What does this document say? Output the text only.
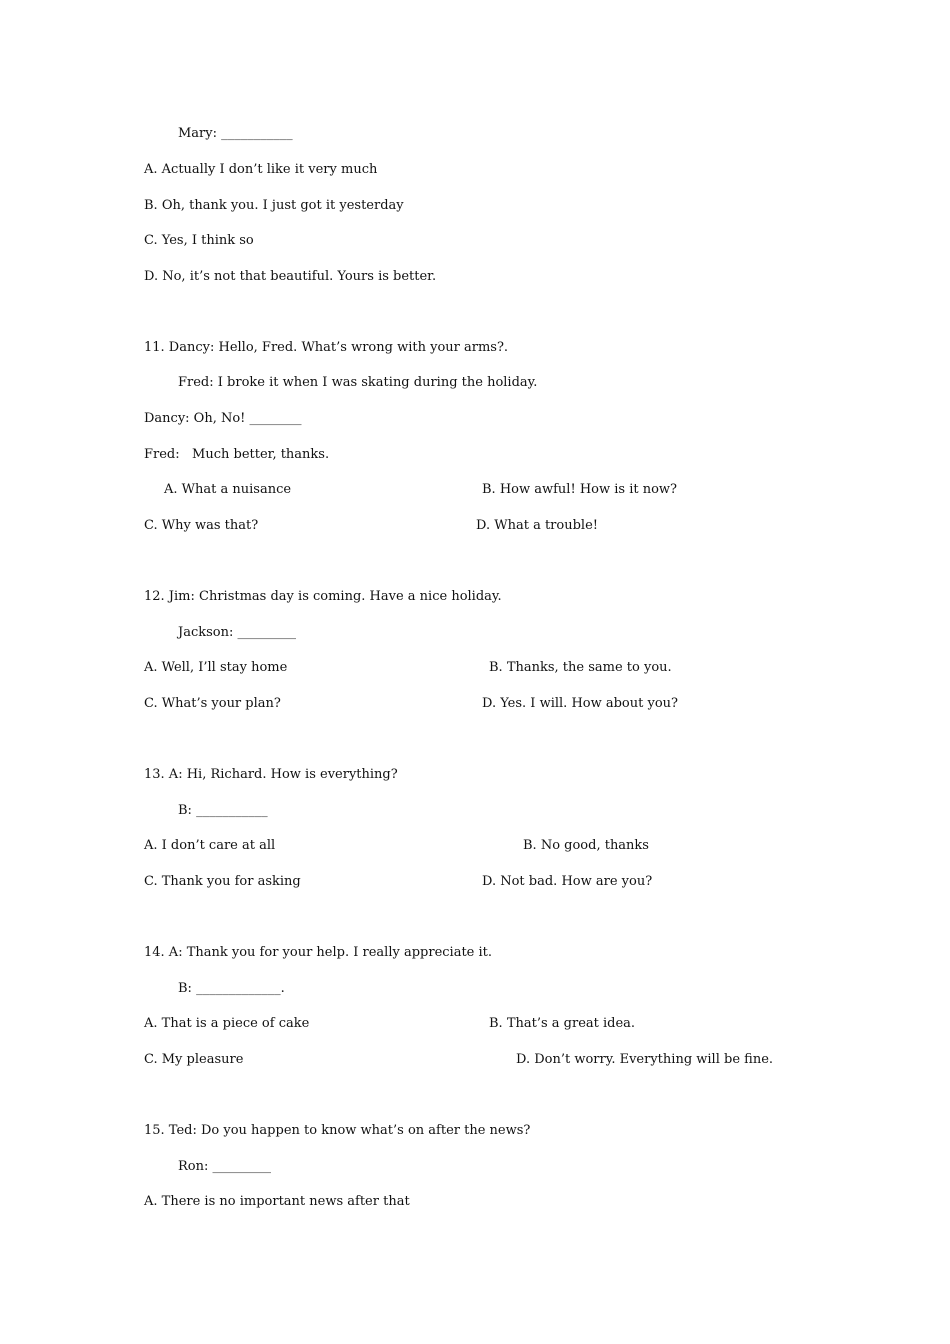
Mary: ___________
A. Actually I don’t like it very much
B. Oh, thank you. I just got it yesterday
C. Yes, I think so
D. No, it’s not that beautiful. Yours is better.
11. Dancy: Hello, Fred. What’s wrong with your arms?.
Fred: I broke it when I was skating during the holiday.
Dancy: Oh, No! ________
Fred:   Much better, thanks.
A. What a nuisance	B. How awful! How is it now?
C. Why was that?	D. What a trouble!
12. Jim: Christmas day is coming. Have a nice holiday.
Jackson: _________
A. Well, I’ll stay home	B. Thanks, the same to you.
C. What’s your plan?	D. Yes. I will. How about you?
13. A: Hi, Richard. How is everything?
B: ___________
A. I don’t care at all	B. No good, thanks
C. Thank you for asking	D. Not bad. How are you?
14. A: Thank you for your help. I really appreciate it.
B: _____________.
A. That is a piece of cake	B. That’s a great idea.
C. My pleasure	D. Don’t worry. Everything will be fine.
15. Ted: Do you happen to know what’s on after the news?
Ron: _________
A. There is no important news after that
